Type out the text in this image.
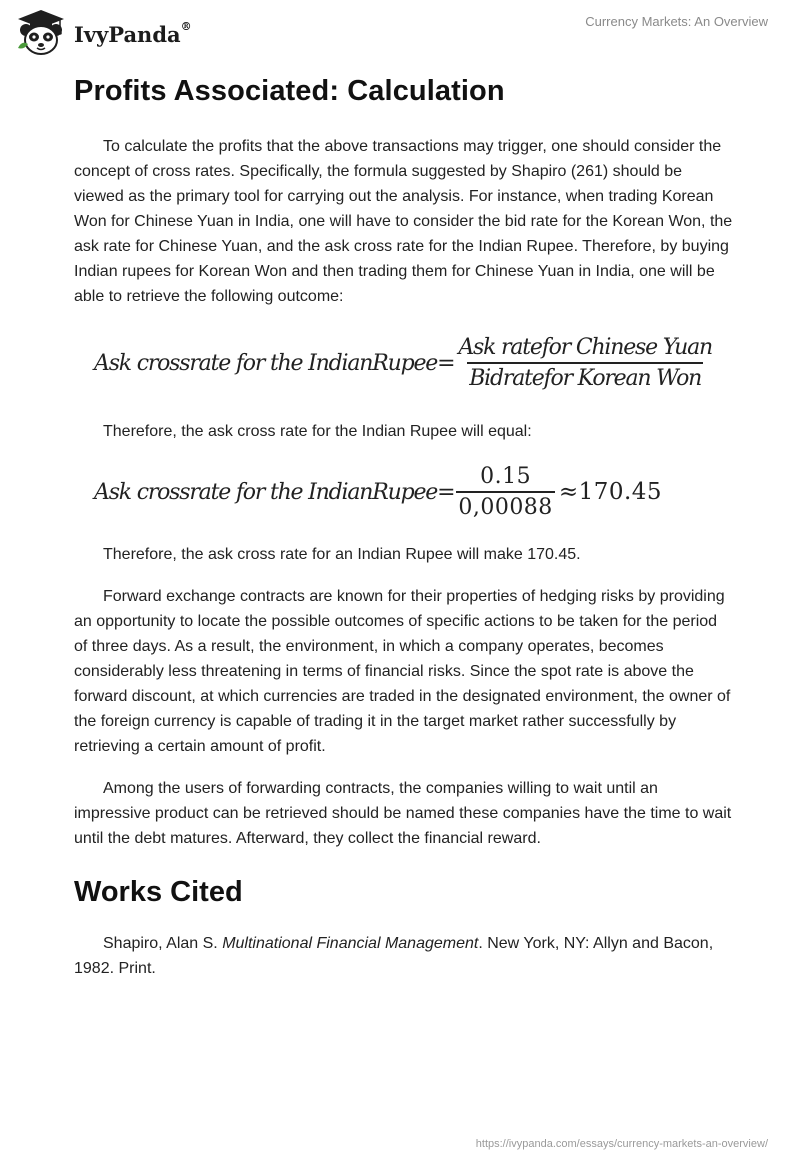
IvyPanda®	Currency Markets: An Overview
Profits Associated: Calculation

To calculate the profits that the above transactions may trigger, one should consider the concept of cross rates. Specifically, the formula suggested by Shapiro (261) should be viewed as the primary tool for carrying out the analysis. For instance, when trading Korean Won for Chinese Yuan in India, one will have to consider the bid rate for the Korean Won, the ask rate for Chinese Yuan, and the ask cross rate for the Indian Rupee. Therefore, by buying Indian rupees for Korean Won and then trading them for Chinese Yuan in India, one will be able to retrieve the following outcome:

Ask crossrate for the IndianRupee= $\frac{\text{Ask ratefor Chinese Yuan}}{\text{Bidratefor Korean Won}}$

Therefore, the ask cross rate for the Indian Rupee will equal:

Ask crossrate for the IndianRupee= $\frac{0.15}{0,00088} \approx 170.45$

Therefore, the ask cross rate for an Indian Rupee will make 170.45.

Forward exchange contracts are known for their properties of hedging risks by providing an opportunity to locate the possible outcomes of specific actions to be taken for the period of three days. As a result, the environment, in which a company operates, becomes considerably less threatening in terms of financial risks. Since the spot rate is above the forward discount, at which currencies are traded in the designated environment, the owner of the foreign currency is capable of trading it in the target market rather successfully by retrieving a certain amount of profit.

Among the users of forwarding contracts, the companies willing to wait until an impressive product can be retrieved should be named these companies have the time to wait until the debt matures. Afterward, they collect the financial reward.

Works Cited

Shapiro, Alan S. Multinational Financial Management. New York, NY: Allyn and Bacon, 1982. Print.

https://ivypanda.com/essays/currency-markets-an-overview/
